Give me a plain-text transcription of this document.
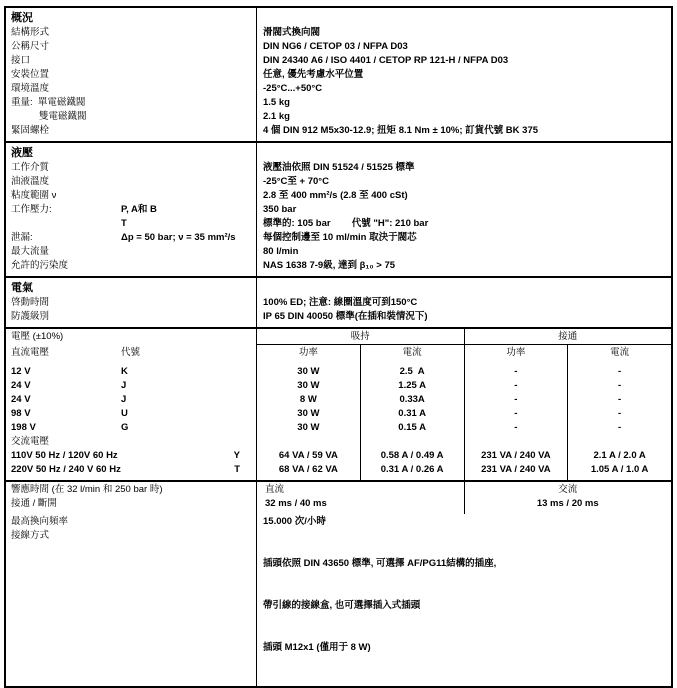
概況
結構形式	滑閥式換向閥
公稱尺寸	DIN NG6 / CETOP 03 / NFPA D03
接口	DIN 24340 A6 / ISO 4401 / CETOP RP 121-H / NFPA D03
安裝位置	任意, 優先考慮水平位置
環境溫度	-25°C...+50°C
重量:  單電磁鐵閥	1.5 kg
雙電磁鐵閥	2.1 kg
緊固螺栓	4 個 DIN 912 M5x30-12.9; 扭矩 8.1 Nm ± 10%; 訂貨代號 BK 375
液壓
工作介質	液壓油依照 DIN 51524 / 51525 標準
油液溫度	-25°C至 + 70°C
粘度範圍 ν	2.8 至 400 mm²/s (2.8 至 400 cSt)
工作壓力:	P, A和 B	350 bar
T	標準的: 105 bar        代號 "H": 210 bar
泄漏:	Δp = 50 bar; ν = 35 mm²/s	每個控制邊至 10 ml/min 取決于閥芯
最大流量	80 l/min
允許的污染度	NAS 1638 7-9級, 達到 β₁₀ > 75
電氣
啓動時間	100% ED; 注意: 線圈溫度可到150°C
防護級別	IP 65 DIN 40050 標準(在插和裝情況下)
電壓 (±10%)	吸持	接通
直流電壓	代號	功率	電流	功率	電流
12 V	K	30 W	2.5  A	-	-
24 V	J	30 W	1.25 A	-	-
24 V	J	8 W	0.33A	-	-
98 V	U	30 W	0.31 A	-	-
198 V	G	30 W	0.15 A	-	-
交流電壓
110V 50 Hz / 120V 60 Hz	Y	64 VA / 59 VA	0.58 A / 0.49 A	231 VA / 240 VA	2.1 A / 2.0 A
220V 50 Hz / 240 V 60 Hz	T	68 VA / 62 VA	0.31 A / 0.26 A	231 VA / 240 VA	1.05 A / 1.0 A
響應時間 (在 32 l/min 和 250 bar 時)	直流	交流
接通 / 斷開	32 ms / 40 ms	13 ms / 20 ms
最高換向頻率	15.000 次/小時
接線方式

插頭依照 DIN 43650 標準, 可選擇 AF/PG11結構的插座,

帶引線的接線盒, 也可選擇插入式插頭

插頭 M12x1 (僅用于 8 W)
